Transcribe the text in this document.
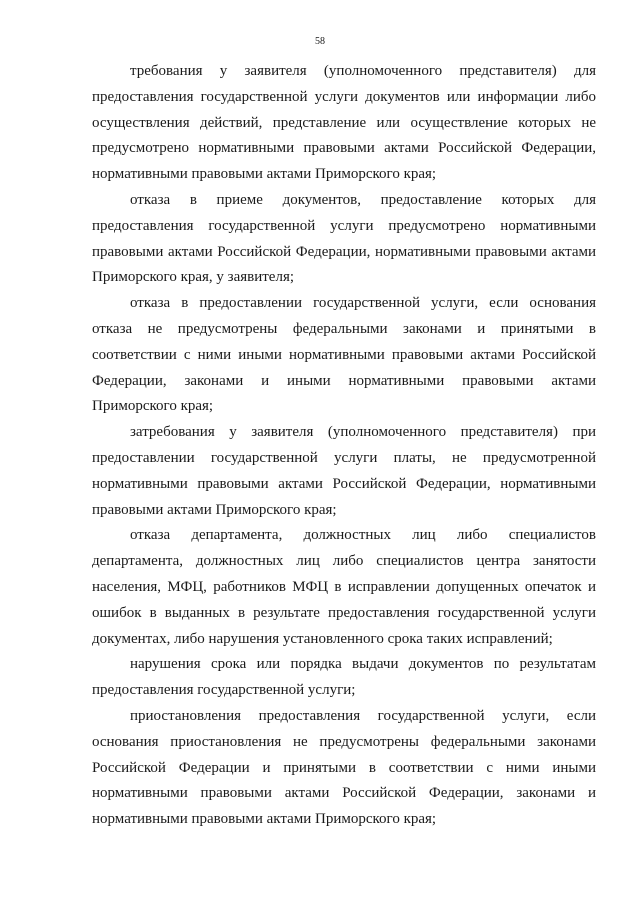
58

требования у заявителя (уполномоченного представителя) для предоставления государственной услуги документов или информации либо осуществления действий, представление или осуществление которых не предусмотрено нормативными правовыми актами Российской Федерации, нормативными правовыми актами Приморского края;

отказа в приеме документов, предоставление которых для предоставления государственной услуги предусмотрено нормативными правовыми актами Российской Федерации, нормативными правовыми актами Приморского края, у заявителя;

отказа в предоставлении государственной услуги, если основания отказа не предусмотрены федеральными законами и принятыми в соответствии с ними иными нормативными правовыми актами Российской Федерации, законами и иными нормативными правовыми актами Приморского края;

затребования у заявителя (уполномоченного представителя) при предоставлении государственной услуги платы, не предусмотренной нормативными правовыми актами Российской Федерации, нормативными правовыми актами Приморского края;

отказа департамента, должностных лиц либо специалистов департамента, должностных лиц либо специалистов центра занятости населения, МФЦ, работников МФЦ в исправлении допущенных опечаток и ошибок в выданных в результате предоставления государственной услуги документах, либо нарушения установленного срока таких исправлений;

нарушения срока или порядка выдачи документов по результатам предоставления государственной услуги;

приостановления предоставления государственной услуги, если основания приостановления не предусмотрены федеральными законами Российской Федерации и принятыми в соответствии с ними иными нормативными правовыми актами Российской Федерации, законами и нормативными правовыми актами Приморского края;
